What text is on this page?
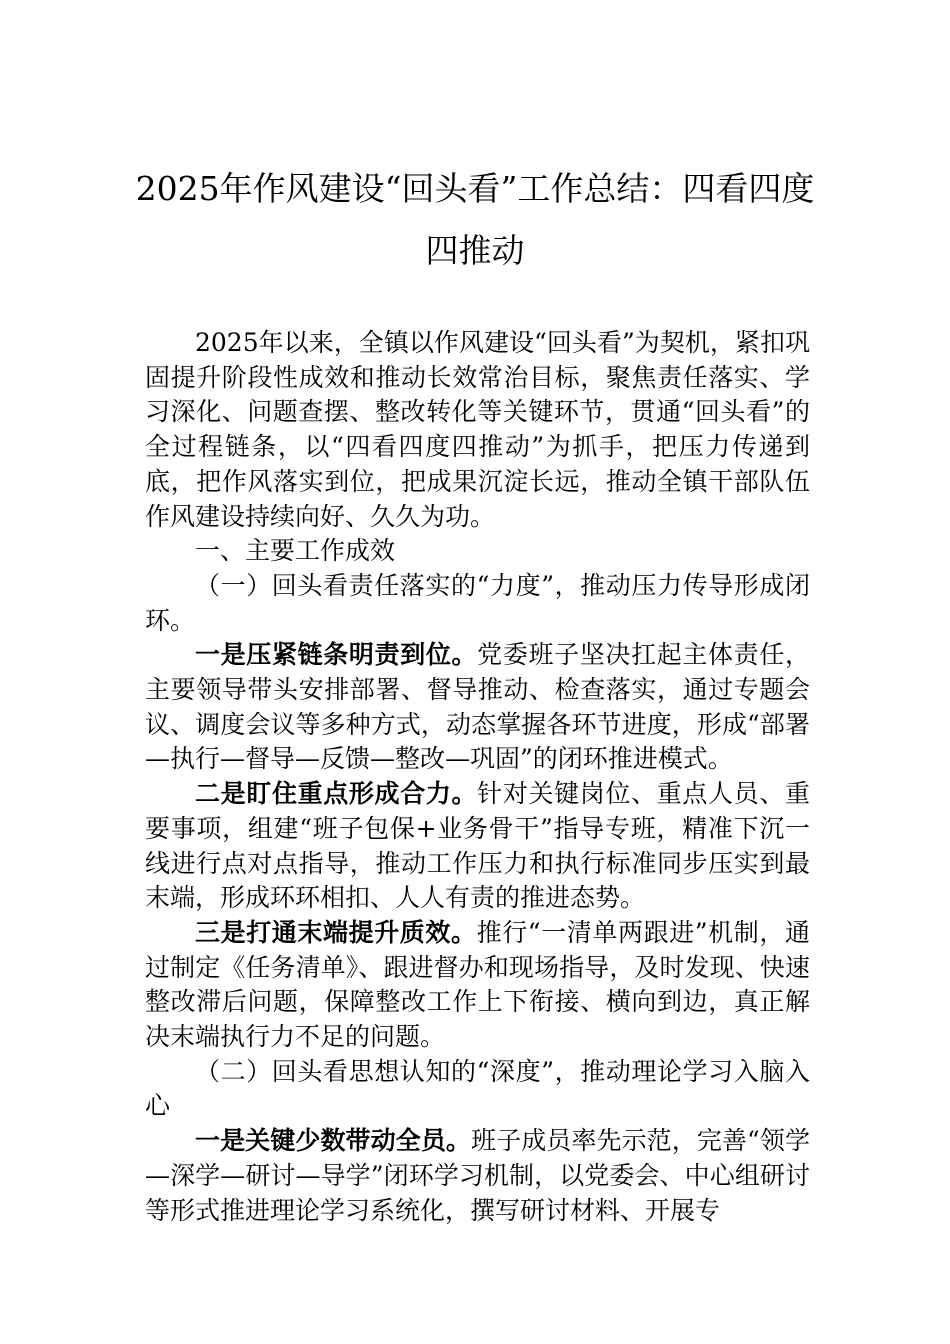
2025年作风建设“回头看”工作总结：四看四度四推动

2025年以来，全镇以作风建设“回头看”为契机，紧扣巩固提升阶段性成效和推动长效常治目标，聚焦责任落实、学习深化、问题查摆、整改转化等关键环节，贯通“回头看”的全过程链条，以“四看四度四推动”为抓手，把压力传递到底，把作风落实到位，把成果沉淀长远，推动全镇干部队伍作风建设持续向好、久久为功。

一、主要工作成效

（一）回头看责任落实的“力度”，推动压力传导形成闭环。

一是压紧链条明责到位。党委班子坚决扛起主体责任，主要领导带头安排部署、督导推动、检查落实，通过专题会议、调度会议等多种方式，动态掌握各环节进度，形成“部署—执行—督导—反馈—整改—巩固”的闭环推进模式。

二是盯住重点形成合力。针对关键岗位、重点人员、重要事项，组建“班子包保+业务骨干”指导专班，精准下沉一线进行点对点指导，推动工作压力和执行标准同步压实到最末端，形成环环相扣、人人有责的推进态势。

三是打通末端提升质效。推行“一清单两跟进”机制，通过制定《任务清单》、跟进督办和现场指导，及时发现、快速整改滞后问题，保障整改工作上下衔接、横向到边，真正解决末端执行力不足的问题。

（二）回头看思想认知的“深度”，推动理论学习入脑入心

一是关键少数带动全员。班子成员率先示范，完善“领学—深学—研讨—导学”闭环学习机制，以党委会、中心组研讨等形式推进理论学习系统化，撰写研讨材料、开展专
